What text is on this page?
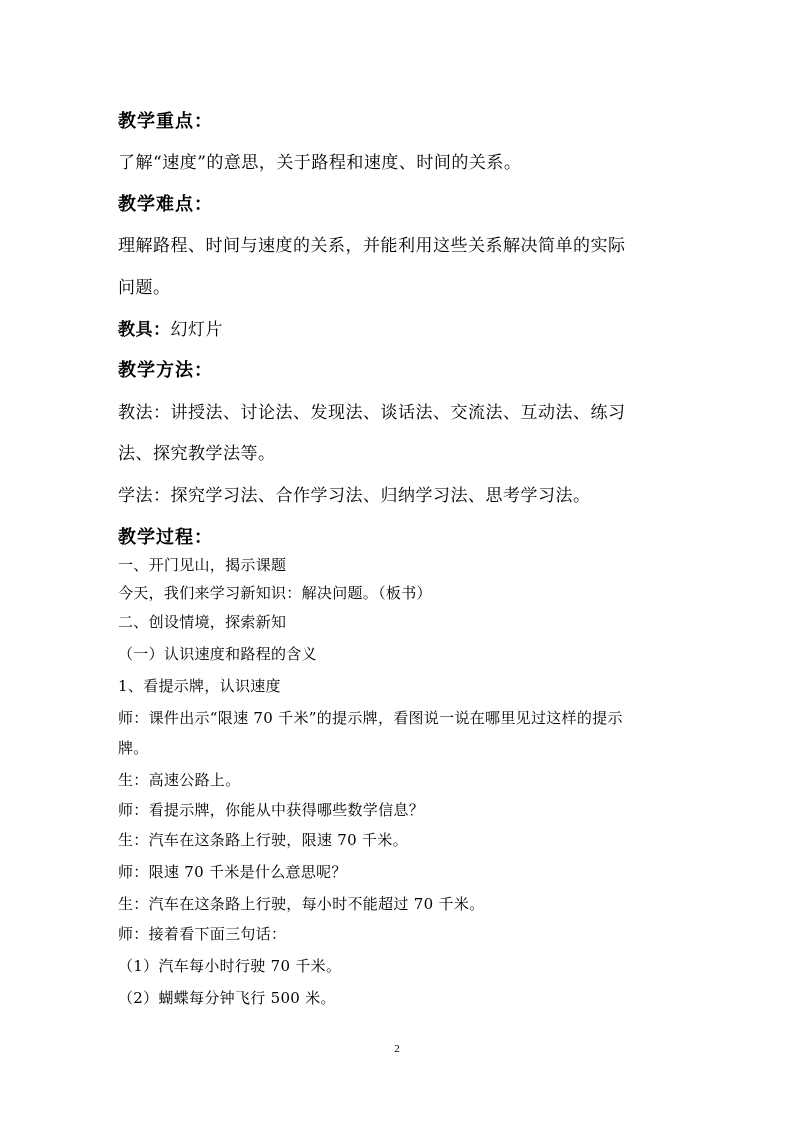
教学重点：
了解“速度”的意思，关于路程和速度、时间的关系。
教学难点：
理解路程、时间与速度的关系，并能利用这些关系解决简单的实际
问题。
教具：幻灯片
教学方法：
教法：讲授法、讨论法、发现法、谈话法、交流法、互动法、练习
法、探究教学法等。
学法：探究学习法、合作学习法、归纳学习法、思考学习法。
教学过程：
一、开门见山，揭示课题
今天，我们来学习新知识：解决问题。（板书）
二、创设情境，探索新知
（一）认识速度和路程的含义
1、看提示牌，认识速度
师：课件出示“限速 70 千米”的提示牌，看图说一说在哪里见过这样的提示
牌。
生：高速公路上。
师：看提示牌，你能从中获得哪些数学信息？
生：汽车在这条路上行驶，限速 70 千米。
师：限速 70 千米是什么意思呢？
生：汽车在这条路上行驶，每小时不能超过 70 千米。
师：接着看下面三句话：
（1）汽车每小时行驶 70 千米。
（2）蝴蝶每分钟飞行 500 米。
2
